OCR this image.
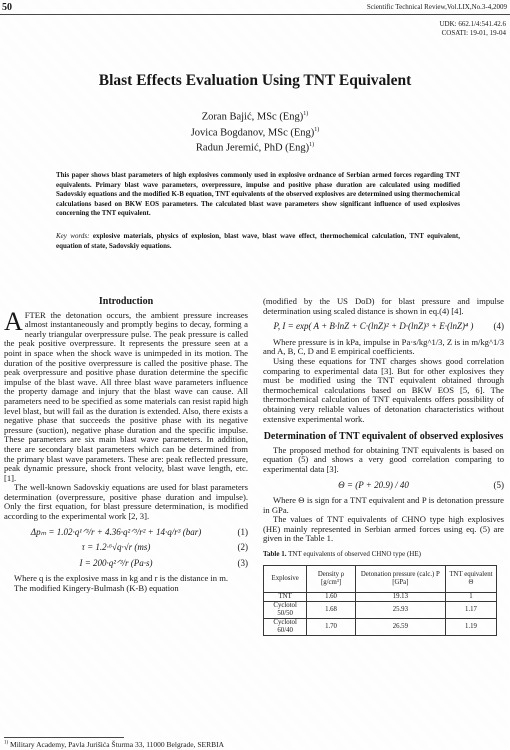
50	Scientific Technical Review,Vol.LIX,No.3-4,2009
UDK: 662.1/4:541.42.6
COSATI: 19-01, 19-04
Blast Effects Evaluation Using TNT Equivalent
Zoran Bajić, MSc (Eng)$^{1)}$
Jovica Bogdanov, MSc (Eng)$^{1)}$
Radun Jeremić, PhD (Eng)$^{1)}$
This paper shows blast parameters of high explosives commonly used in explosive ordnance of Serbian armed forces regarding TNT equivalents. Primary blast wave parameters, overpressure, impulse and positive phase duration are calculated using modified Sadovskiy equations and the modified K-B equation, TNT equivalents of the observed explosives are determined using thermochemical calculations based on BKW EOS parameters. The calculated blast wave parameters show significant influence of used explosives concerning the TNT equivalent.
Key words: explosive materials, physics of explosion, blast wave, blast wave effect, thermochemical calculation, TNT equivalent, equation of state, Sadovskiy equations.
Introduction

AFTER the detonation occurs, the ambient pressure increases almost instantaneously and promptly begins to decay, forming a nearly triangular overpressure pulse. The peak pressure is called the peak positive overpressure. It represents the pressure seen at a point in space when the shock wave is unimpeded in its motion. The duration of the positive overpressure is called the positive phase. The peak overpressure and positive phase duration determine the specific impulse of the blast wave. All three blast wave parameters influence the property damage and injury that the blast wave can cause. All parameters need to be specified as some materials can resist rapid high level blast, but will fail as the duration is extended. Also, there exists a negative phase that succeeds the positive phase with its negative pressure (suction), negative phase duration and the specific impulse. These parameters are six main blast wave parameters. In addition, there are secondary blast parameters which can be determined from the primary blast wave parameters. These are: peak reflected pressure, peak dynamic pressure, shock front velocity, blast wave length, etc. [1].

The well-known Sadovskiy equations are used for blast parameters determination (overpressure, positive phase duration and impulse). Only the first equation, for blast pressure determination, is modified according to the experimental work [2, 3].

Δpₘ = 1.02·q¹ᐟ³/r + 4.36·q²ᐟ³/r² + 14·q/r³ (bar)	(1)
τ = 1.2·⁶√q·√r (ms)	(2)
I = 200·q²ᐟ³/r (Pa·s)	(3)

Where q is the explosive mass in kg and r is the distance in m.

The modified Kingery-Bulmash (K-B) equation

(modified by the US DoD) for blast pressure and impulse determination using scaled distance is shown in eq.(4) [4].

P, I = exp( A + B·lnZ + C·(lnZ)² + D·(lnZ)³ + E·(lnZ)⁴ )	(4)

Where pressure is in kPa, impulse in Pa·s/kg^1/3, Z is in m/kg^1/3 and A, B, C, D and E empirical coefficients.

Using these equations for TNT charges shows good correlation comparing to experimental data [3]. But for other explosives they must be modified using the TNT equivalent obtained through thermochemical calculations based on BKW EOS [5, 6]. The thermochemical calculation of TNT equivalents offers possibility of obtaining very reliable values of detonation characteristics without extensive experimental work.

Determination of TNT equivalent of observed explosives

The proposed method for obtaining TNT equivalents is based on equation (5) and shows a very good correlation comparing to experimental data [3].

Θ = (P + 20.9) / 40	(5)

Where Θ is sign for a TNT equivalent and P is detonation pressure in GPa.

The values of TNT equivalents of CHNO type high explosives (HE) mainly represented in Serbian armed forces using eq. (5) are given in the Table 1.

Table 1. TNT equivalents of observed CHNO type (HE)
Explosive	Density ρ [g/cm³]	Detonation pressure (calc.) P [GPa]	TNT equivalent Θ
TNT	1.60	19.13	1
Cyclotol 50/50	1.68	25.93	1.17
Cyclotol 60/40	1.70	26.59	1.19
$^{1)}$ Military Academy, Pavla Jurišića Šturma 33, 11000 Belgrade, SERBIA
